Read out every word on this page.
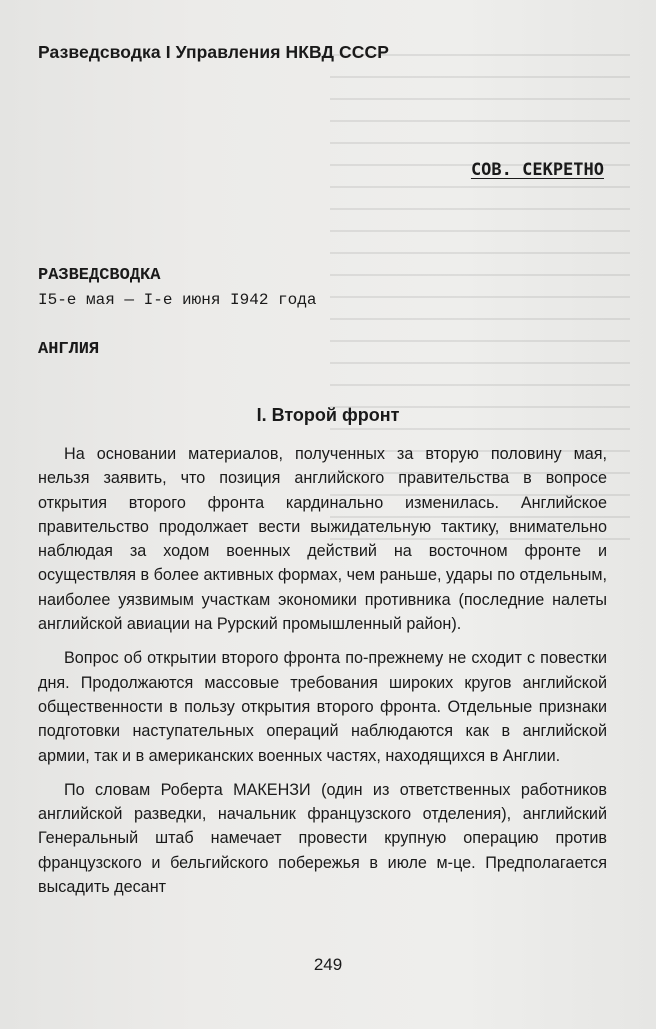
Разведсводка I Управления НКВД СССР
СОВ. СЕКРЕТНО

РАЗВЕДСВОДКА

I5-е мая — I-е июня I942 года

АНГЛИЯ
I. Второй фронт

На основании материалов, полученных за вторую половину мая, нельзя заявить, что позиция английского правительства в вопросе открытия второго фронта кардинально изменилась. Английское правительство продолжает вести выжидательную тактику, внимательно наблюдая за ходом военных действий на восточном фронте и осуществляя в более активных формах, чем раньше, удары по отдельным, наиболее уязвимым участкам экономики противника (последние налеты английской авиации на Рурский промышленный район).

Вопрос об открытии второго фронта по-прежнему не сходит с повестки дня. Продолжаются массовые требования широких кругов английской общественности в пользу открытия второго фронта. Отдельные признаки подготовки наступательных операций наблюдаются как в английской армии, так и в американских военных частях, находящихся в Англии.

По словам Роберта МАКЕНЗИ (один из ответственных работников английской разведки, начальник французского отделения), английский Генеральный штаб намечает провести крупную операцию против французского и бельгийского побережья в июле м-це. Предполагается высадить десант

249
